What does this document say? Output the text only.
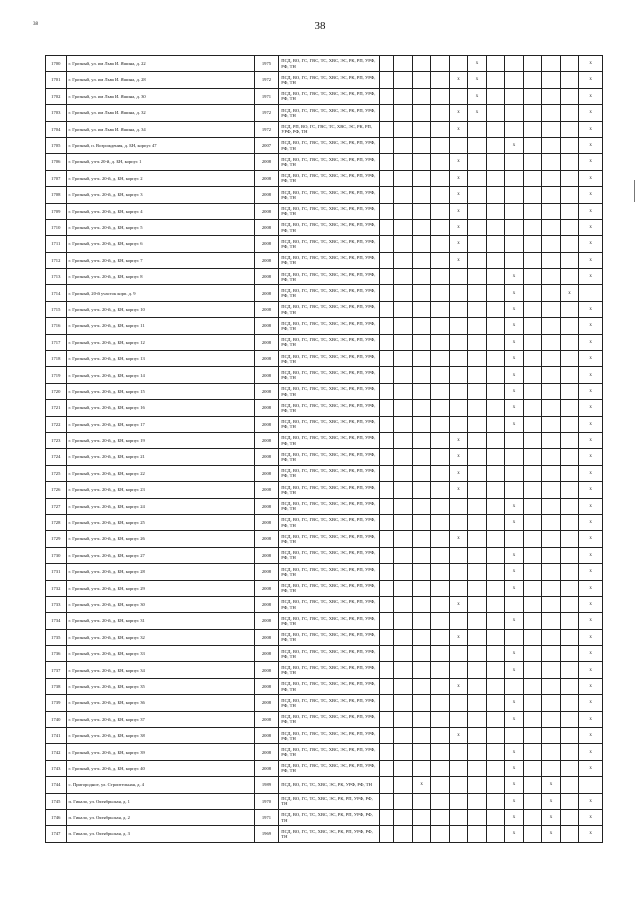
38	38
1700	г. Грозный, ул. им Льва И. Яшина, д. 22	1975	ПСД, ВО, ГС, ГВС, ТС, ХВС, ЭС, РК, РП, УРФ, РФ, ТН						x						x
1701	г. Грозный, ул. им Льва И. Яшина, д. 28	1972	ПСД, ВО, ГС, ГВС, ТС, ХВС, ЭС, РК, РП, УРФ, РФ, ТН					x	x						x
1702	г. Грозный, ул. им Льва И. Яшина, д. 30	1971	ПСД, ВО, ГС, ГВС, ТС, ХВС, ЭС, РК, РП, УРФ, РФ, ТН						x						x
1703	г. Грозный, ул. им Льва И. Яшина, д. 32	1972	ПСД, ВО, ГС, ГВС, ТС, ХВС, ЭС, РК, РП, УРФ, РФ, ТН					x	x						x
1704	г. Грозный, ул. им Льва И. Яшина, д. 34	1972	ПСД, РП, ВО, ГС, ГВС, ТС, ХВС, ЭС, РК, РП, УРФ, РФ, ТН					x							x
1705	г. Грозный, п. Возрождения, д. БН, корпус 47	2007	ПСД, ВО, ГС, ГВС, ТС, ХВС, ЭС, РК, РП, УРФ, РФ, ТН								x				x
1706	г. Грозный, уч-к 20-й, д. БН, корпус 1	2008	ПСД, ВО, ГС, ГВС, ТС, ХВС, ЭС, РК, РП, УРФ, РФ, ТН					x							x
1707	г. Грозный, уч-к. 20-й, д. БН, корпус 2	2008	ПСД, ВО, ГС, ГВС, ТС, ХВС, ЭС, РК, РП, УРФ, РФ, ТН					x							x
1708	г. Грозный, уч-к. 20-й, д. БН, корпус 3	2008	ПСД, ВО, ГС, ГВС, ТС, ХВС, ЭС, РК, РП, УРФ, РФ, ТН					x							x
1709	г. Грозный, уч-к. 20-й, д. БН, корпус 4	2008	ПСД, ВО, ГС, ГВС, ТС, ХВС, ЭС, РК, РП, УРФ, РФ, ТН					x							x
1710	г. Грозный, уч-к. 20-й, д. БН, корпус 5	2008	ПСД, ВО, ГС, ГВС, ТС, ХВС, ЭС, РК, РП, УРФ, РФ, ТН					x							x
1711	г. Грозный, уч-к. 20-й, д. БН, корпус 6	2008	ПСД, ВО, ГС, ГВС, ТС, ХВС, ЭС, РК, РП, УРФ, РФ, ТН					x							x
1712	г. Грозный, уч-к. 20-й, д. БН, корпус 7	2008	ПСД, ВО, ГС, ГВС, ТС, ХВС, ЭС, РК, РП, УРФ, РФ, ТН					x							x
1713	г. Грозный, уч-к. 20-й, д. БН, корпус 8	2008	ПСД, ВО, ГС, ГВС, ТС, ХВС, ЭС, РК, РП, УРФ, РФ, ТН								x				x
1714	г. Грозный, 20-й участок корп. д. 9	2008	ПСД, ВО, ГС, ГВС, ТС, ХВС, ЭС, РК, РП, УРФ, РФ, ТН								x			x	
1715	г. Грозный, уч-к. 20-й, д. БН, корпус 10	2008	ПСД, ВО, ГС, ГВС, ТС, ХВС, ЭС, РК, РП, УРФ, РФ, ТН								x				x
1716	г. Грозный, уч-к. 20-й, д. БН, корпус 11	2008	ПСД, ВО, ГС, ГВС, ТС, ХВС, ЭС, РК, РП, УРФ, РФ, ТН								x				x
1717	г. Грозный, уч-к. 20-й, д. БН, корпус 12	2008	ПСД, ВО, ГС, ГВС, ТС, ХВС, ЭС, РК, РП, УРФ, РФ, ТН								x				x
1718	г. Грозный, уч-к. 20-й, д. БН, корпус 13	2008	ПСД, ВО, ГС, ГВС, ТС, ХВС, ЭС, РК, РП, УРФ, РФ, ТН								x				x
1719	г. Грозный, уч-к. 20-й, д. БН, корпус 14	2008	ПСД, ВО, ГС, ГВС, ТС, ХВС, ЭС, РК, РП, УРФ, РФ, ТН								x				x
1720	г. Грозный, уч-к. 20-й, д. БН, корпус 15	2008	ПСД, ВО, ГС, ГВС, ТС, ХВС, ЭС, РК, РП, УРФ, РФ, ТН								x				x
1721	г. Грозный, уч-к. 20-й, д. БН, корпус 16	2008	ПСД, ВО, ГС, ГВС, ТС, ХВС, ЭС, РК, РП, УРФ, РФ, ТН								x				x
1722	г. Грозный, уч-к. 20-й, д. БН, корпус 17	2008	ПСД, ВО, ГС, ГВС, ТС, ХВС, ЭС, РК, РП, УРФ, РФ, ТН								x				x
1723	г. Грозный, уч-к. 20-й, д. БН, корпус 19	2008	ПСД, ВО, ГС, ГВС, ТС, ХВС, ЭС, РК, РП, УРФ, РФ, ТН					x							x
1724	г. Грозный, уч-к. 20-й, д. БН, корпус 21	2008	ПСД, ВО, ГС, ГВС, ТС, ХВС, ЭС, РК, РП, УРФ, РФ, ТН					x							x
1725	г. Грозный, уч-к. 20-й, д. БН, корпус 22	2008	ПСД, ВО, ГС, ГВС, ТС, ХВС, ЭС, РК, РП, УРФ, РФ, ТН					x							x
1726	г. Грозный, уч-к. 20-й, д. БН, корпус 23	2008	ПСД, ВО, ГС, ГВС, ТС, ХВС, ЭС, РК, РП, УРФ, РФ, ТН					x							x
1727	г. Грозный, уч-к. 20-й, д. БН, корпус 24	2008	ПСД, ВО, ГС, ГВС, ТС, ХВС, ЭС, РК, РП, УРФ, РФ, ТН								x				x
1728	г. Грозный, уч-к. 20-й, д. БН, корпус 25	2008	ПСД, ВО, ГС, ГВС, ТС, ХВС, ЭС, РК, РП, УРФ, РФ, ТН								x				x
1729	г. Грозный, уч-к. 20-й, д. БН, корпус 26	2008	ПСД, ВО, ГС, ГВС, ТС, ХВС, ЭС, РК, РП, УРФ, РФ, ТН					x							x
1730	г. Грозный, уч-к. 20-й, д. БН, корпус 27	2008	ПСД, ВО, ГС, ГВС, ТС, ХВС, ЭС, РК, РП, УРФ, РФ, ТН								x				x
1731	г. Грозный, уч-к. 20-й, д. БН, корпус 28	2008	ПСД, ВО, ГС, ГВС, ТС, ХВС, ЭС, РК, РП, УРФ, РФ, ТН								x				x
1732	г. Грозный, уч-к. 20-й, д. БН, корпус 29	2008	ПСД, ВО, ГС, ГВС, ТС, ХВС, ЭС, РК, РП, УРФ, РФ, ТН								x				x
1733	г. Грозный, уч-к. 20-й, д. БН, корпус 30	2008	ПСД, ВО, ГС, ГВС, ТС, ХВС, ЭС, РК, РП, УРФ, РФ, ТН					x							x
1734	г. Грозный, уч-к. 20-й, д. БН, корпус 31	2008	ПСД, ВО, ГС, ГВС, ТС, ХВС, ЭС, РК, РП, УРФ, РФ, ТН								x				x
1735	г. Грозный, уч-к. 20-й, д. БН, корпус 32	2008	ПСД, ВО, ГС, ГВС, ТС, ХВС, ЭС, РК, РП, УРФ, РФ, ТН					x							x
1736	г. Грозный, уч-к. 20-й, д. БН, корпус 33	2008	ПСД, ВО, ГС, ГВС, ТС, ХВС, ЭС, РК, РП, УРФ, РФ, ТН								x				x
1737	г. Грозный, уч-к. 20-й, д. БН, корпус 34	2008	ПСД, ВО, ГС, ГВС, ТС, ХВС, ЭС, РК, РП, УРФ, РФ, ТН								x				x
1738	г. Грозный, уч-к. 20-й, д. БН, корпус 35	2008	ПСД, ВО, ГС, ГВС, ТС, ХВС, ЭС, РК, РП, УРФ, РФ, ТН					x							x
1739	г. Грозный, уч-к. 20-й, д. БН, корпус 36	2008	ПСД, ВО, ГС, ГВС, ТС, ХВС, ЭС, РК, РП, УРФ, РФ, ТН								x				x
1740	г. Грозный, уч-к. 20-й, д. БН, корпус 37	2008	ПСД, ВО, ГС, ГВС, ТС, ХВС, ЭС, РК, РП, УРФ, РФ, ТН								x				x
1741	г. Грозный, уч-к. 20-й, д. БН, корпус 38	2008	ПСД, ВО, ГС, ГВС, ТС, ХВС, ЭС, РК, РП, УРФ, РФ, ТН					x							x
1742	г. Грозный, уч-к. 20-й, д. БН, корпус 39	2008	ПСД, ВО, ГС, ГВС, ТС, ХВС, ЭС, РК, РП, УРФ, РФ, ТН								x				x
1743	г. Грозный, уч-к. 20-й, д. БН, корпус 40	2008	ПСД, ВО, ГС, ГВС, ТС, ХВС, ЭС, РК, РП, УРФ, РФ, ТН								x				x
1744	с. Пригородное, ул. Строительная, д. 4	1989	ПСД, ВО, ГС, ТС, ХВС, ЭС, РК, УРФ, РФ, ТН			x					x		x		
1745	п. Гикало, ул. Октябрьская, д. 1	1970	ПСД, ВО, ГС, ТС, ХВС, ЭС, РК, РП, УРФ, РФ, ТН								x		x		x
1746	п. Гикало, ул. Октябрьская, д. 2	1971	ПСД, ВО, ГС, ТС, ХВС, ЭС, РК, РП, УРФ, РФ, ТН								x		x		x
1747	п. Гикало, ул. Октябрьская, д. 3	1969	ПСД, ВО, ГС, ТС, ХВС, ЭС, РК, РП, УРФ, РФ, ТН								x		x		x
